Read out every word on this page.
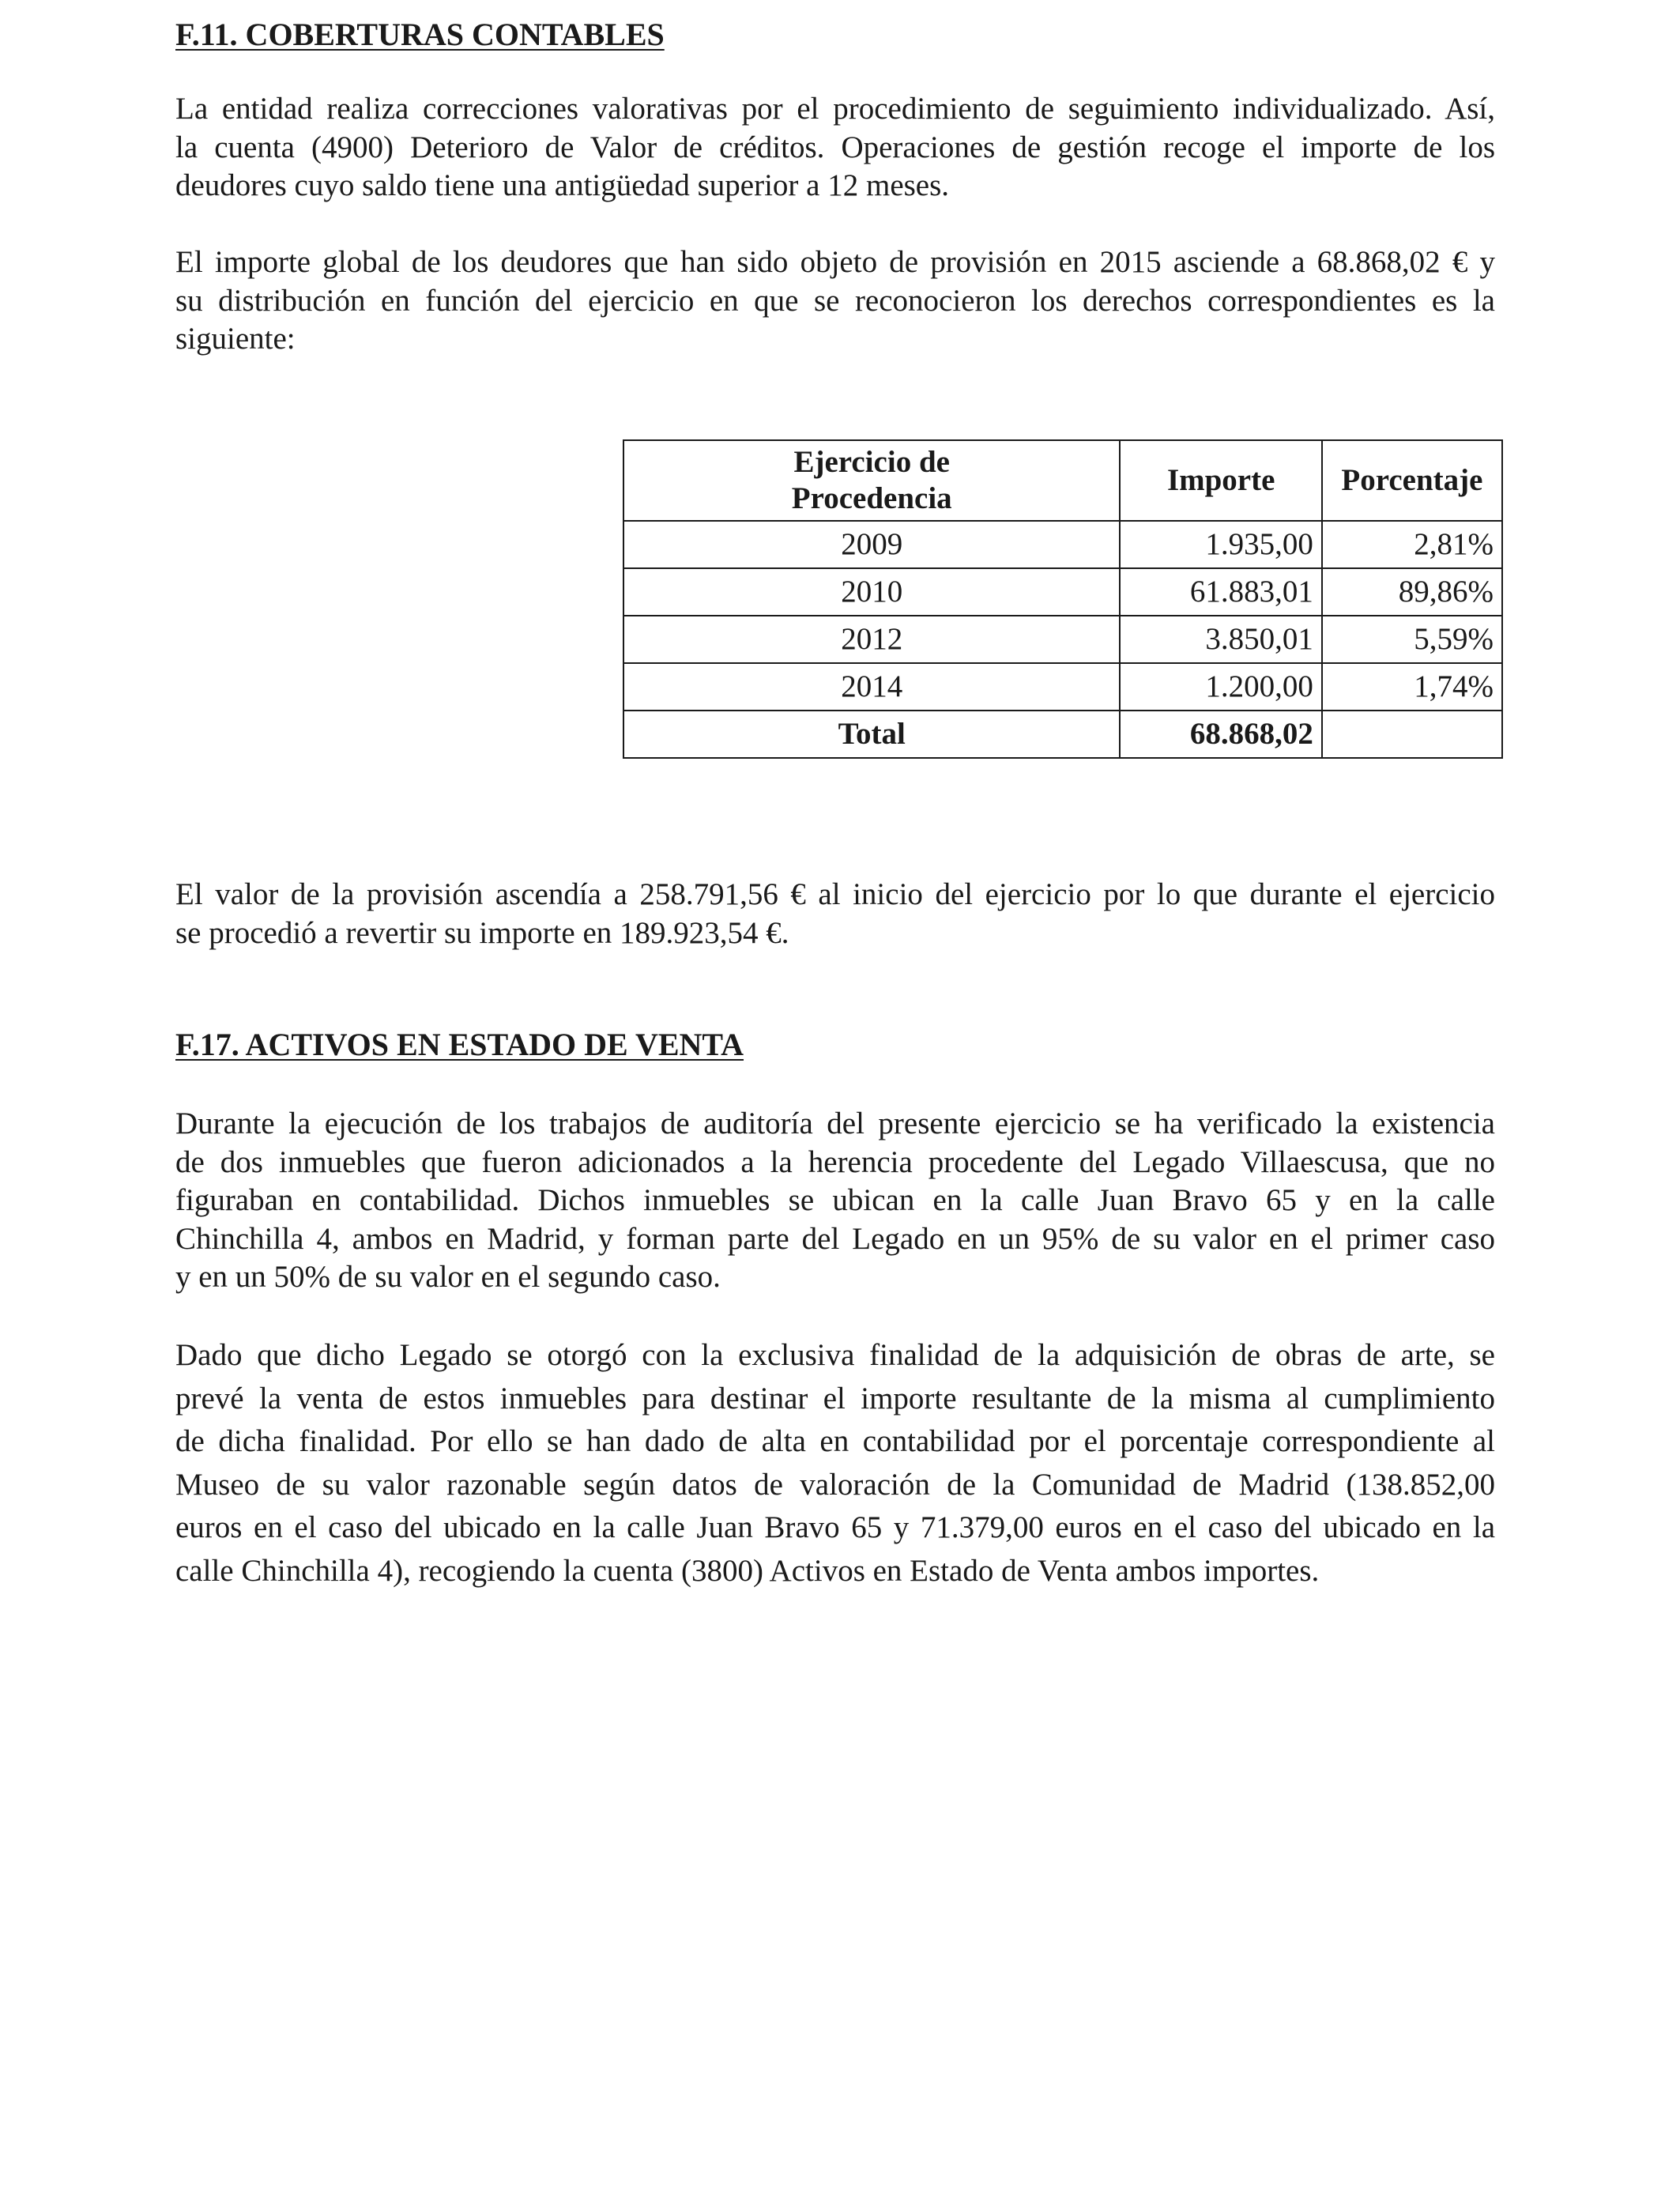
F.11. COBERTURAS CONTABLES

La entidad realiza correcciones valorativas por el procedimiento de seguimiento individualizado. Así,
la cuenta (4900) Deterioro de Valor de créditos. Operaciones de gestión recoge el importe de los
deudores cuyo saldo tiene una antigüedad superior a 12 meses.

El importe global de los deudores que han sido objeto de provisión en 2015 asciende a 68.868,02 € y
su distribución en función del ejercicio en que se reconocieron los derechos correspondientes es la
siguiente:

El valor de la provisión ascendía a 258.791,56 € al inicio del ejercicio por lo que durante el ejercicio
se procedió a revertir su importe en 189.923,54 €.

F.17. ACTIVOS EN ESTADO DE VENTA

Durante la ejecución de los trabajos de auditoría del presente ejercicio se ha verificado la existencia
de dos inmuebles que fueron adicionados a la herencia procedente del Legado Villaescusa, que no
figuraban en contabilidad. Dichos inmuebles se ubican en la calle Juan Bravo 65 y en la calle
Chinchilla 4, ambos en Madrid, y forman parte del Legado en un 95% de su valor en el primer caso
y en un 50% de su valor en el segundo caso.

Dado que dicho Legado se otorgó con la exclusiva finalidad de la adquisición de obras de arte, se
prevé la venta de estos inmuebles para destinar el importe resultante de la misma al cumplimiento
de dicha finalidad. Por ello se han dado de alta en contabilidad por el porcentaje correspondiente al
Museo de su valor razonable según datos de valoración de la Comunidad de Madrid (138.852,00
euros en el caso del ubicado en la calle Juan Bravo 65 y 71.379,00 euros en el caso del ubicado en la
calle Chinchilla 4), recogiendo la cuenta (3800) Activos en Estado de Venta ambos importes.

Ejercicio de Procedencia	Importe	Porcentaje
2009	1.935,00	2,81%
2010	61.883,01	89,86%
2012	3.850,01	5,59%
2014	1.200,00	1,74%
Total	68.868,02	
